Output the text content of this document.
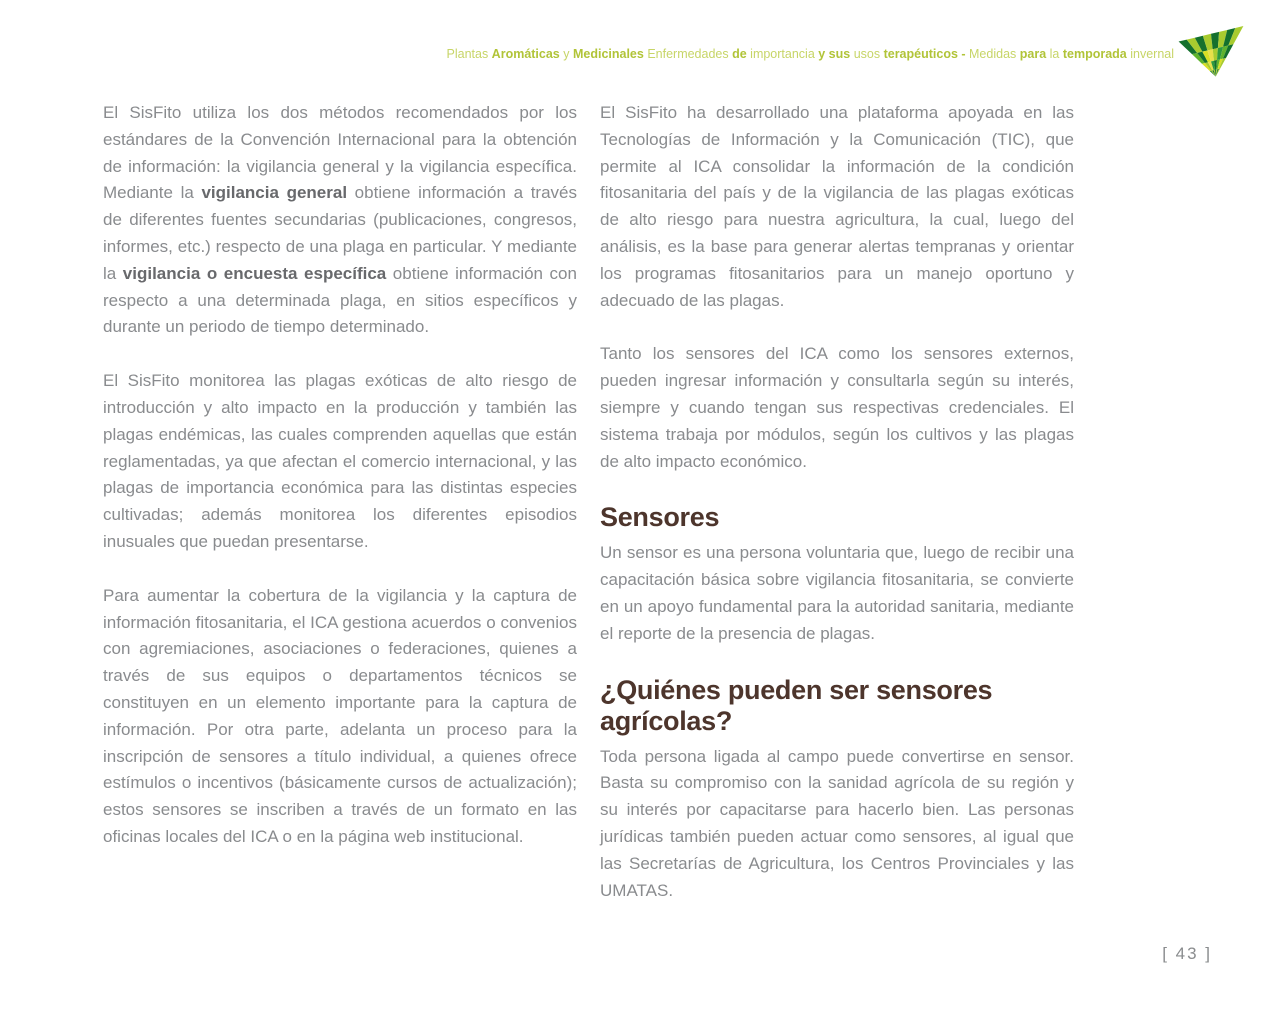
Plantas Aromáticas y Medicinales Enfermedades de importancia y sus usos terapéuticos - Medidas para la temporada invernal

El SisFito utiliza los dos métodos recomendados por los estándares de la Convención Internacional para la obtención de información: la vigilancia general y la vigilancia específica. Mediante la vigilancia general obtiene información a través de diferentes fuentes secundarias (publicaciones, congresos, informes, etc.) respecto de una plaga en particular. Y mediante la vigilancia o encuesta específica obtiene información con respecto a una determinada plaga, en sitios específicos y durante un periodo de tiempo determinado.

El SisFito monitorea las plagas exóticas de alto riesgo de introducción y alto impacto en la producción y también las plagas endémicas, las cuales comprenden aquellas que están reglamentadas, ya que afectan el comercio internacional, y las plagas de importancia económica para las distintas especies cultivadas; además monitorea los diferentes episodios inusuales que puedan presentarse.

Para aumentar la cobertura de la vigilancia y la captura de información fitosanitaria, el ICA gestiona acuerdos o convenios con agremiaciones, asociaciones o federaciones, quienes a través de sus equipos o departamentos técnicos se constituyen en un elemento importante para la captura de información. Por otra parte, adelanta un proceso para la inscripción de sensores a título individual, a quienes ofrece estímulos o incentivos (básicamente cursos de actualización); estos sensores se inscriben a través de un formato en las oficinas locales del ICA o en la página web institucional.

El SisFito ha desarrollado una plataforma apoyada en las Tecnologías de Información y la Comunicación (TIC), que permite al ICA consolidar la información de la condición fitosanitaria del país y de la vigilancia de las plagas exóticas de alto riesgo para nuestra agricultura, la cual, luego del análisis, es la base para generar alertas tempranas y orientar los programas fitosanitarios para un manejo oportuno y adecuado de las plagas.

Tanto los sensores del ICA como los sensores externos, pueden ingresar información y consultarla según su interés, siempre y cuando tengan sus respectivas credenciales. El sistema trabaja por módulos, según los cultivos y las plagas de alto impacto económico.

Sensores

Un sensor es una persona voluntaria que, luego de recibir una capacitación básica sobre vigilancia fitosanitaria, se convierte en un apoyo fundamental para la autoridad sanitaria, mediante el reporte de la presencia de plagas.

¿Quiénes pueden ser sensores agrícolas?

Toda persona ligada al campo puede convertirse en sensor. Basta su compromiso con la sanidad agrícola de su región y su interés por capacitarse para hacerlo bien. Las personas jurídicas también pueden actuar como sensores, al igual que las Secretarías de Agricultura, los Centros Provinciales y las UMATAS.

[ 43 ]
